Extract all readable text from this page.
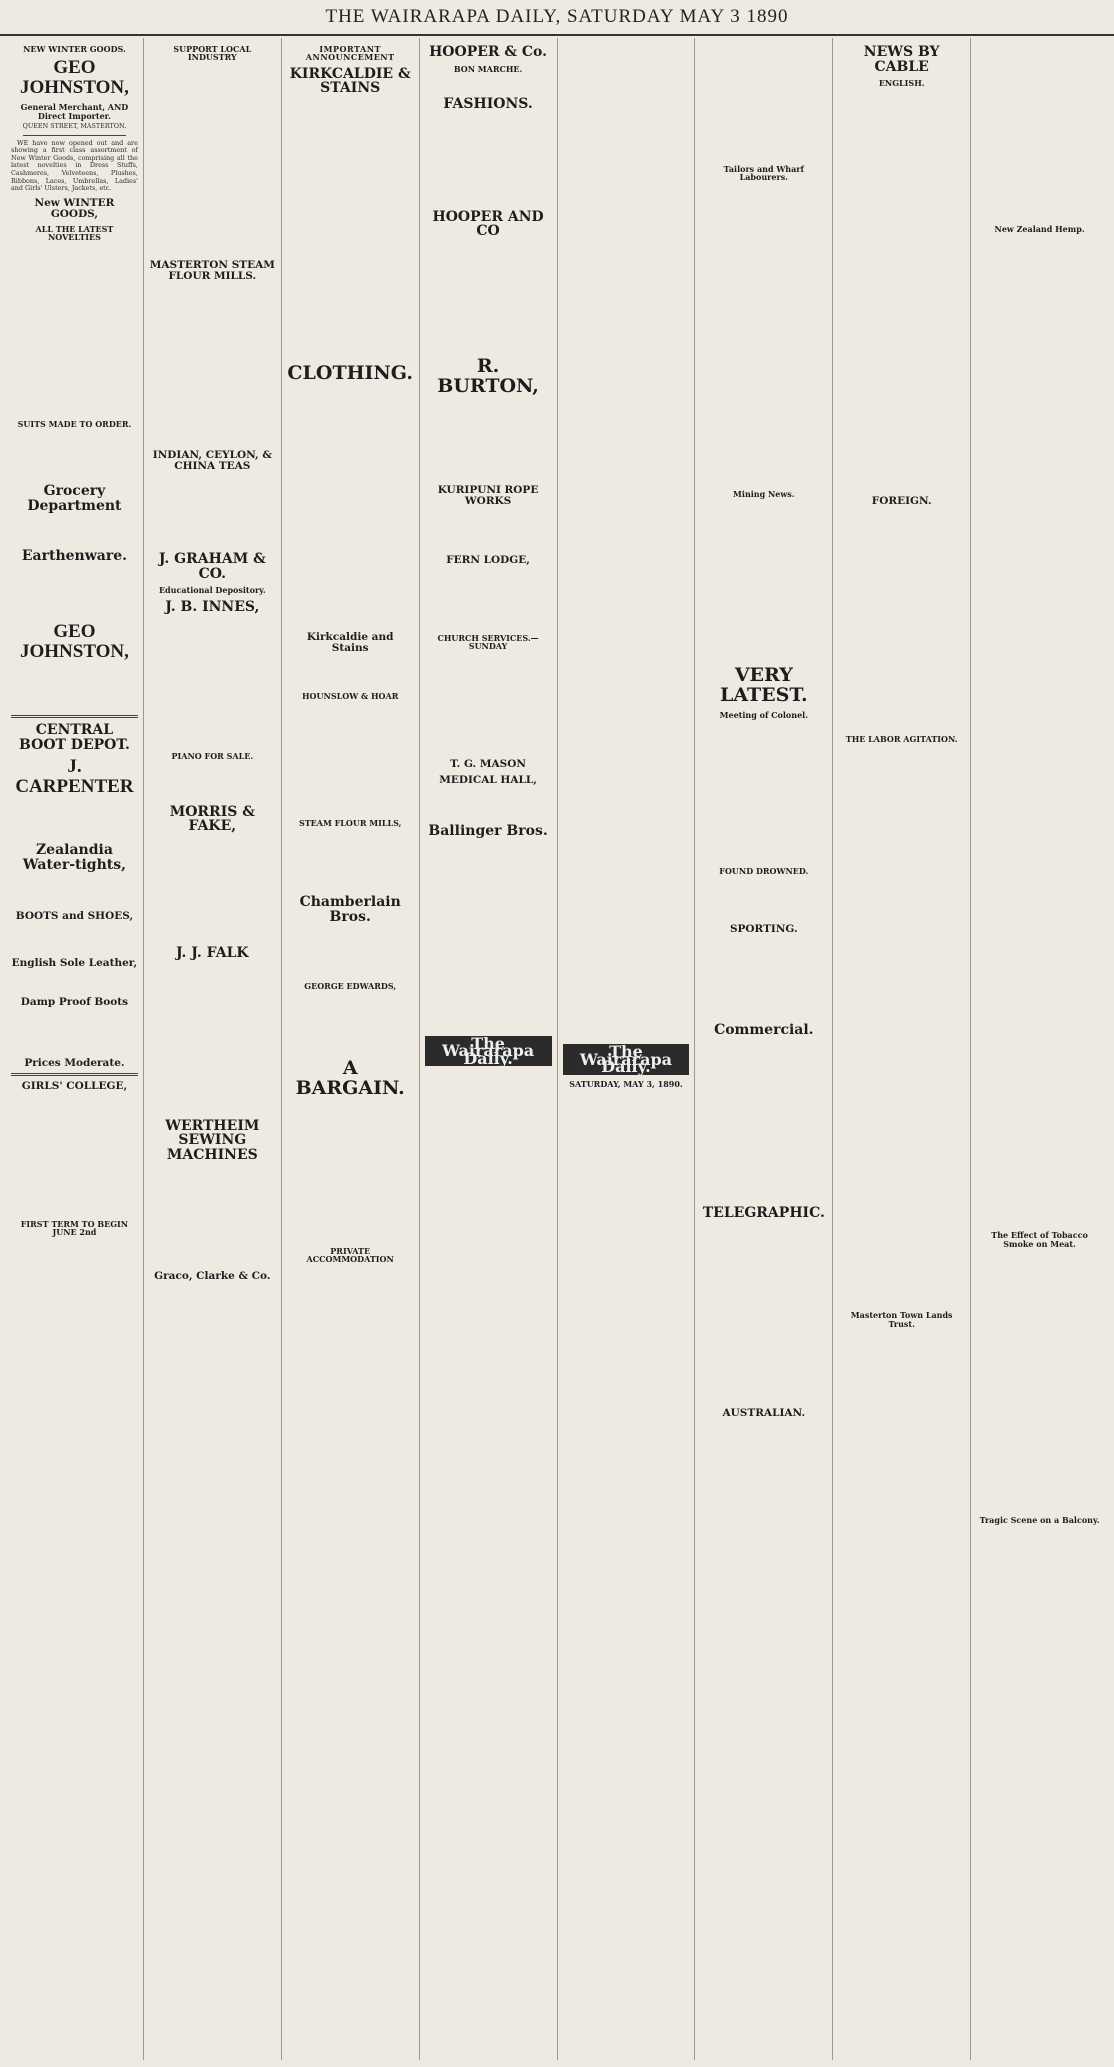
THE WAIRARAPA DAILY, SATURDAY MAY 3 1890
NEW WINTER GOODS.
GEO JOHNSTON,
General Merchant, AND Direct Importer.
QUEEN STREET, MASTERTON.
WE have now opened out and are showing a first class assortment of New Winter Goods, comprising all the latest novelties in Dress Stuffs, Cashmeres, Velveteens, Plushes, Ribbons, Laces, Umbrellas, Ladies' and Girls' Ulsters, Jackets, etc.
New WINTER GOODS,
ALL THE LATEST NOVELTIES
SUITS MADE TO ORDER.
Grocery Department
Earthenware.
GEO JOHNSTON,
CENTRAL BOOT DEPOT.
J. CARPENTER
Zealandia Water-tights,
BOOTS and SHOES,
English Sole Leather,
Damp Proof Boots
Prices Moderate.
GIRLS' COLLEGE,
FIRST TERM TO BEGIN JUNE 2nd
SUPPORT LOCAL INDUSTRY
MASTERTON STEAM FLOUR MILLS.
INDIAN, CEYLON, & CHINA TEAS
J. GRAHAM & CO.
Educational Depository.
J. B. INNES,
PIANO FOR SALE.
MORRIS & FAKE,
J. J. FALK
WERTHEIM SEWING MACHINES
Graco, Clarke & Co.
IMPORTANT ANNOUNCEMENT
KIRKCALDIE & STAINS
CLOTHING.
Kirkcaldie and Stains
HOUNSLOW & HOAR
STEAM FLOUR MILLS,
Chamberlain Bros.
GEORGE EDWARDS,
A BARGAIN.
PRIVATE ACCOMMODATION
HOOPER & Co.
BON MARCHE.
FASHIONS.
HOOPER AND CO
R. BURTON,
KURIPUNI ROPE WORKS
FERN LODGE,
CHURCH SERVICES.—SUNDAY
T. G. MASON
MEDICAL HALL,
Ballinger Bros.
The Wairarapa Daily.	The Wairarapa Daily.
SATURDAY, MAY 3, 1890.
Tailors and Wharf Labourers.
Mining News.
VERY LATEST.
Meeting of Colonel.
FOUND DROWNED.
SPORTING.
Commercial.
TELEGRAPHIC.
AUSTRALIAN.
NEWS BY CABLE
ENGLISH.
FOREIGN.
THE LABOR AGITATION.
Masterton Town Lands Trust.
New Zealand Hemp.
The Effect of Tobacco Smoke on Meat.
Tragic Scene on a Balcony.
